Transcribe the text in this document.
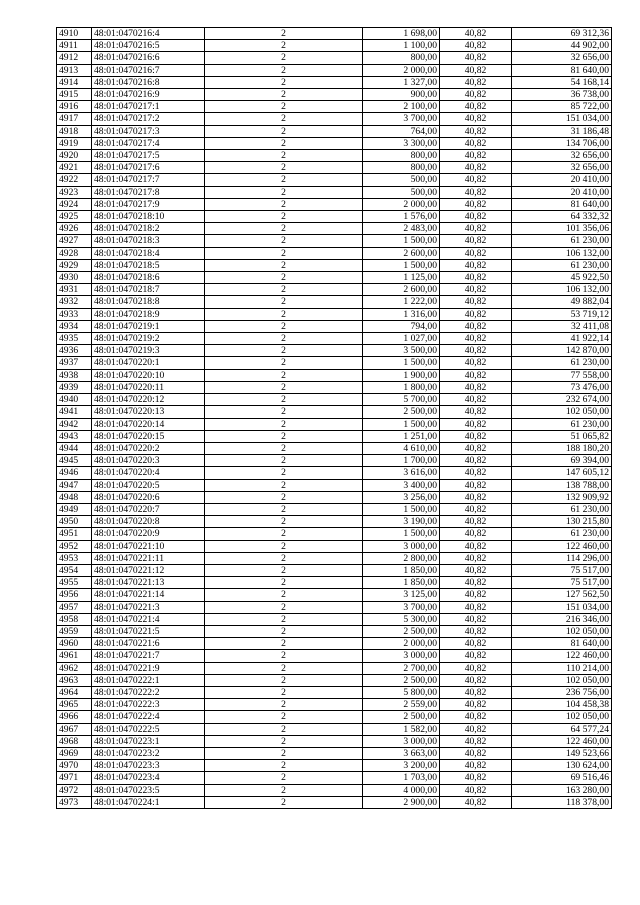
4910	48:01:0470216:4	2	1 698,00	40,82	69 312,36
4911	48:01:0470216:5	2	1 100,00	40,82	44 902,00
4912	48:01:0470216:6	2	800,00	40,82	32 656,00
4913	48:01:0470216:7	2	2 000,00	40,82	81 640,00
4914	48:01:0470216:8	2	1 327,00	40,82	54 168,14
4915	48:01:0470216:9	2	900,00	40,82	36 738,00
4916	48:01:0470217:1	2	2 100,00	40,82	85 722,00
4917	48:01:0470217:2	2	3 700,00	40,82	151 034,00
4918	48:01:0470217:3	2	764,00	40,82	31 186,48
4919	48:01:0470217:4	2	3 300,00	40,82	134 706,00
4920	48:01:0470217:5	2	800,00	40,82	32 656,00
4921	48:01:0470217:6	2	800,00	40,82	32 656,00
4922	48:01:0470217:7	2	500,00	40,82	20 410,00
4923	48:01:0470217:8	2	500,00	40,82	20 410,00
4924	48:01:0470217:9	2	2 000,00	40,82	81 640,00
4925	48:01:0470218:10	2	1 576,00	40,82	64 332,32
4926	48:01:0470218:2	2	2 483,00	40,82	101 356,06
4927	48:01:0470218:3	2	1 500,00	40,82	61 230,00
4928	48:01:0470218:4	2	2 600,00	40,82	106 132,00
4929	48:01:0470218:5	2	1 500,00	40,82	61 230,00
4930	48:01:0470218:6	2	1 125,00	40,82	45 922,50
4931	48:01:0470218:7	2	2 600,00	40,82	106 132,00
4932	48:01:0470218:8	2	1 222,00	40,82	49 882,04
4933	48:01:0470218:9	2	1 316,00	40,82	53 719,12
4934	48:01:0470219:1	2	794,00	40,82	32 411,08
4935	48:01:0470219:2	2	1 027,00	40,82	41 922,14
4936	48:01:0470219:3	2	3 500,00	40,82	142 870,00
4937	48:01:0470220:1	2	1 500,00	40,82	61 230,00
4938	48:01:0470220:10	2	1 900,00	40,82	77 558,00
4939	48:01:0470220:11	2	1 800,00	40,82	73 476,00
4940	48:01:0470220:12	2	5 700,00	40,82	232 674,00
4941	48:01:0470220:13	2	2 500,00	40,82	102 050,00
4942	48:01:0470220:14	2	1 500,00	40,82	61 230,00
4943	48:01:0470220:15	2	1 251,00	40,82	51 065,82
4944	48:01:0470220:2	2	4 610,00	40,82	188 180,20
4945	48:01:0470220:3	2	1 700,00	40,82	69 394,00
4946	48:01:0470220:4	2	3 616,00	40,82	147 605,12
4947	48:01:0470220:5	2	3 400,00	40,82	138 788,00
4948	48:01:0470220:6	2	3 256,00	40,82	132 909,92
4949	48:01:0470220:7	2	1 500,00	40,82	61 230,00
4950	48:01:0470220:8	2	3 190,00	40,82	130 215,80
4951	48:01:0470220:9	2	1 500,00	40,82	61 230,00
4952	48:01:0470221:10	2	3 000,00	40,82	122 460,00
4953	48:01:0470221:11	2	2 800,00	40,82	114 296,00
4954	48:01:0470221:12	2	1 850,00	40,82	75 517,00
4955	48:01:0470221:13	2	1 850,00	40,82	75 517,00
4956	48:01:0470221:14	2	3 125,00	40,82	127 562,50
4957	48:01:0470221:3	2	3 700,00	40,82	151 034,00
4958	48:01:0470221:4	2	5 300,00	40,82	216 346,00
4959	48:01:0470221:5	2	2 500,00	40,82	102 050,00
4960	48:01:0470221:6	2	2 000,00	40,82	81 640,00
4961	48:01:0470221:7	2	3 000,00	40,82	122 460,00
4962	48:01:0470221:9	2	2 700,00	40,82	110 214,00
4963	48:01:0470222:1	2	2 500,00	40,82	102 050,00
4964	48:01:0470222:2	2	5 800,00	40,82	236 756,00
4965	48:01:0470222:3	2	2 559,00	40,82	104 458,38
4966	48:01:0470222:4	2	2 500,00	40,82	102 050,00
4967	48:01:0470222:5	2	1 582,00	40,82	64 577,24
4968	48:01:0470223:1	2	3 000,00	40,82	122 460,00
4969	48:01:0470223:2	2	3 663,00	40,82	149 523,66
4970	48:01:0470223:3	2	3 200,00	40,82	130 624,00
4971	48:01:0470223:4	2	1 703,00	40,82	69 516,46
4972	48:01:0470223:5	2	4 000,00	40,82	163 280,00
4973	48:01:0470224:1	2	2 900,00	40,82	118 378,00
